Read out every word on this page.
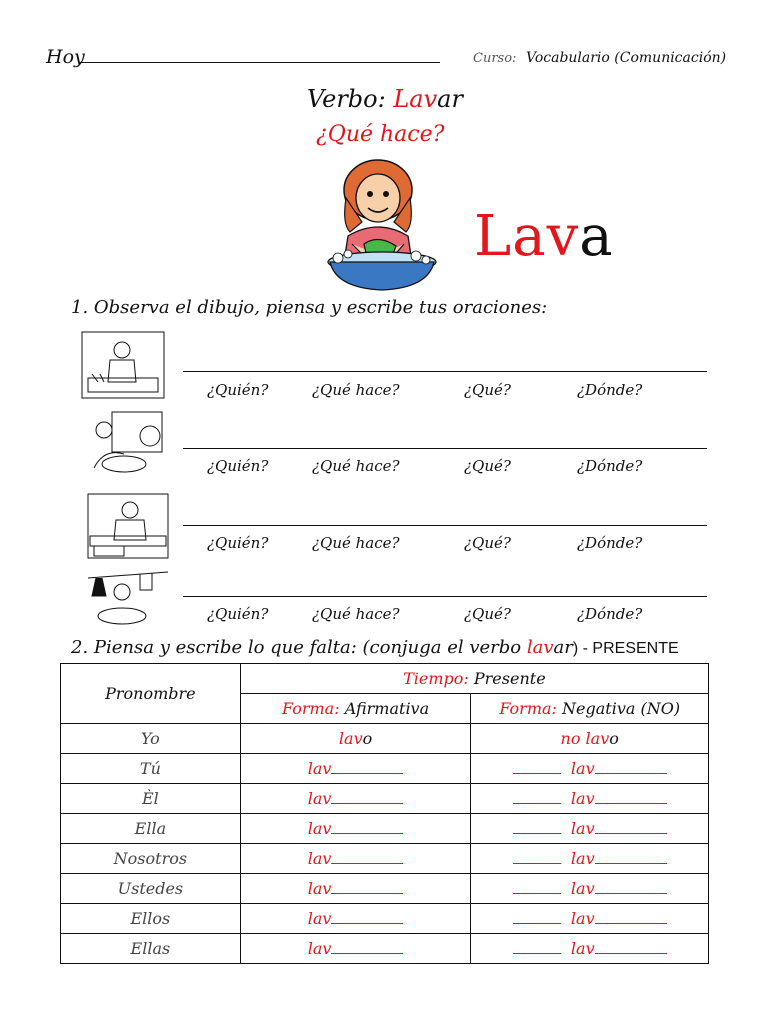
Hoy	Curso: Vocabulario (Comunicación)
Verbo: Lavar
¿Qué hace?
Lava
1. Observa el dibujo, piensa y escribe tus oraciones:
¿Quién?	¿Qué hace?	¿Qué?	¿Dónde?
¿Quién?	¿Qué hace?	¿Qué?	¿Dónde?
¿Quién?	¿Qué hace?	¿Qué?	¿Dónde?
¿Quién?	¿Qué hace?	¿Qué?	¿Dónde?
2. Piensa y escribe lo que falta: (conjuga el verbo lavar) - PRESENTE
Pronombre	Tiempo: Presente	
	Forma: Afirmativa	Forma: Negativa (NO)
Yo	lavo	no lavo
Tú	lav	lav
Èl	lav	lav
Ella	lav	lav
Nosotros	lav	lav
Ustedes	lav	lav
Ellos	lav	lav
Ellas	lav	lav
